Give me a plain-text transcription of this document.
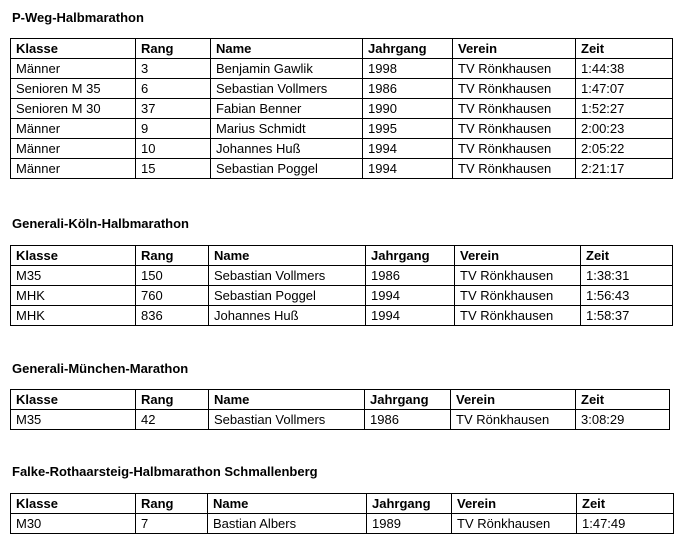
P-Weg-Halbmarathon
Klasse	Rang	Name	Jahrgang	Verein	Zeit
Männer	3	Benjamin Gawlik	1998	TV Rönkhausen	1:44:38
Senioren M 35	6	Sebastian Vollmers	1986	TV Rönkhausen	1:47:07
Senioren M 30	37	Fabian Benner	1990	TV Rönkhausen	1:52:27
Männer	9	Marius Schmidt	1995	TV Rönkhausen	2:00:23
Männer	10	Johannes Huß	1994	TV Rönkhausen	2:05:22
Männer	15	Sebastian Poggel	1994	TV Rönkhausen	2:21:17
Generali-Köln-Halbmarathon
Klasse	Rang	Name	Jahrgang	Verein	Zeit
M35	150	Sebastian Vollmers	1986	TV Rönkhausen	1:38:31
MHK	760	Sebastian Poggel	1994	TV Rönkhausen	1:56:43
MHK	836	Johannes Huß	1994	TV Rönkhausen	1:58:37
Generali-München-Marathon
Klasse	Rang	Name	Jahrgang	Verein	Zeit
M35	42	Sebastian Vollmers	1986	TV Rönkhausen	3:08:29
Falke-Rothaarsteig-Halbmarathon Schmallenberg
Klasse	Rang	Name	Jahrgang	Verein	Zeit
M30	7	Bastian Albers	1989	TV Rönkhausen	1:47:49
